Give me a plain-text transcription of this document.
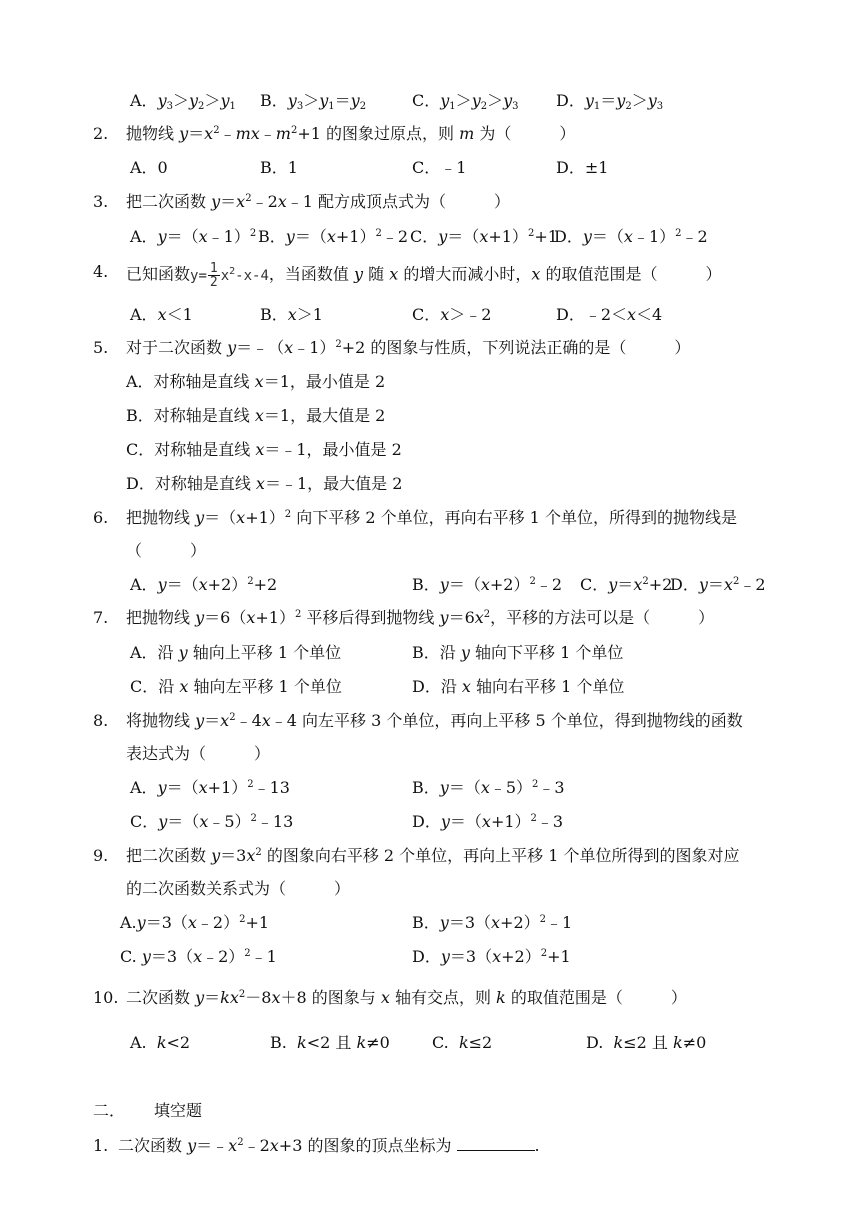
A．$y_3>y_2>y_1$ B．$y_3>y_1=y_2$	C．$y_1>y_2>y_3$ D．$y_1=y_2>y_3$
2. 抛物线 $y=x^2﹣mx﹣m^2+1$ 的图象过原点，则 m 为（　　　）
A．0	B．1	C．﹣1	D．±1
3. 把二次函数 $y=x^2﹣2x﹣1$ 配方成顶点式为（　　　）
A．y＝（x﹣1）$^2$ B．$y=(x+1)^2﹣2$ C．$y=(x+1)^2+1$
D．y＝（x﹣1）$^2$﹣2
4. 已知函数$y= \frac{1}{2} x^2-x-4$，当函数值 y 随 x 的增大而减小时，x 的取值范围是（　　　）
A．x＜1	B．x＞1	C．x＞﹣2	D．﹣2＜x＜4
5. 对于二次函数 y＝﹣（x﹣1）$^2$+2 的图象与性质，下列说法正确的是（　　　）
A．对称轴是直线 x＝1，最小值是 2
B．对称轴是直线 x＝1，最大值是 2
C．对称轴是直线 x＝﹣1，最小值是 2
D．对称轴是直线 x＝﹣1，最大值是 2
6. 把抛物线 $y=(x+1)^2$ 向下平移 2 个单位，再向右平移 1 个单位，所得到的抛物线是
（　　　）
A．$y=(x+2)^2+2$	B．$y=(x+2)^2﹣2$ C．$y=x^2+2$
D．$y=x^2﹣2$
7. 把抛物线 $y=6(x+1)^2$ 平移后得到抛物线 $y=6x^2$，平移的方法可以是（　　　）
A．沿 y 轴向上平移 1 个单位	B．沿 y 轴向下平移 1 个单位
C．沿 x 轴向左平移 1 个单位	D．沿 x 轴向右平移 1 个单位
8. 将抛物线 $y=x^2﹣4x﹣4$ 向左平移 3 个单位，再向上平移 5 个单位，得到抛物线的函数
表达式为（　　　）
A．$y=(x+1)^2﹣13$	B．y＝（x﹣5）$^2$﹣3
C．y＝（x﹣5）$^2$﹣13	D．$y=(x+1)^2﹣3$
9. 把二次函数 $y=3x^2$ 的图象向右平移 2 个单位，再向上平移 1 个单位所得到的图象对应
的二次函数关系式为（　　　）
A.y＝3（x﹣2）$^2$+1	B．$y=3(x+2)^2﹣1$
C. y＝3（x﹣2）$^2$﹣1	D．$y=3(x+2)^2+1$
10. 二次函数 $y=kx^2-8x+8$ 的图象与 x 轴有交点，则 k 的取值范围是（　　　）
A.  k<2	B.  k<2 且 k≠0	C.  k≤2	D.  k≤2 且 k≠0
二． 填空题
1. 二次函数 $y=﹣x^2﹣2x+3$ 的图象的顶点坐标为	.
